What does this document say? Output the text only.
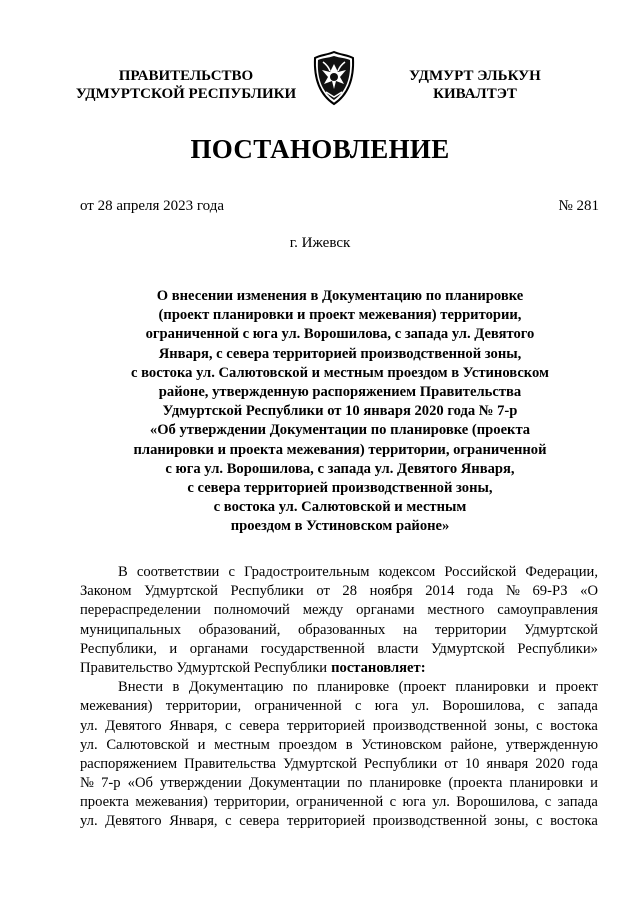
ПРАВИТЕЛЬСТВО
УДМУРТСКОЙ РЕСПУБЛИКИ
УДМУРТ ЭЛЬКУН
КИВАЛТЭТ
ПОСТАНОВЛЕНИЕ
от 28 апреля 2023 года	№ 281
г. Ижевск
О внесении изменения в Документацию по планировке
(проект планировки и проект межевания) территории,
ограниченной с юга ул. Ворошилова, с запада ул. Девятого
Января, с севера территорией производственной зоны,
с востока ул. Салютовской и местным проездом в Устиновском
районе, утвержденную распоряжением Правительства
Удмуртской Республики от 10 января 2020 года № 7-р
«Об утверждении Документации по планировке (проекта
планировки и проекта межевания) территории, ограниченной
с юга ул. Ворошилова, с запада ул. Девятого Января,
с севера территорией производственной зоны,
с востока ул. Салютовской и местным
проездом в Устиновском районе»
В соответствии с Градостроительным кодексом Российской Федерации,
Законом Удмуртской Республики от 28 ноября 2014 года № 69-РЗ «О
перераспределении полномочий между органами местного самоуправления
муниципальных образований, образованных на территории Удмуртской
Республики, и органами государственной власти Удмуртской Республики»
Правительство Удмуртской Республики постановляет:
Внести в Документацию по планировке (проект планировки и проект
межевания) территории, ограниченной с юга ул. Ворошилова, с запада
ул. Девятого Января, с севера территорией производственной зоны, с востока
ул. Салютовской и местным проездом в Устиновском районе, утвержденную
распоряжением Правительства Удмуртской Республики от 10 января 2020 года
№ 7-р «Об утверждении Документации по планировке (проекта планировки и
проекта межевания) территории, ограниченной с юга ул. Ворошилова, с запада
ул. Девятого Января, с севера территорией производственной зоны, с востока
